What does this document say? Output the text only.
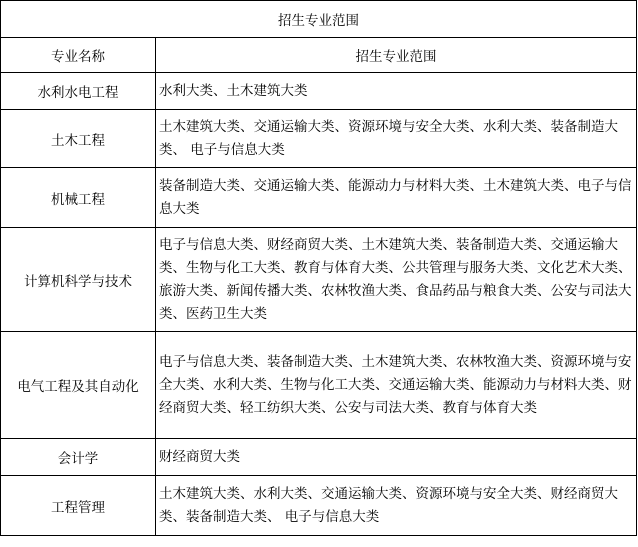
招生专业范围	
专业名称	招生专业范围
水利水电工程	水利大类、土木建筑大类
土木工程	土木建筑大类、交通运输大类、资源环境与安全大类、水利大类、装备制造大类、 电子与信息大类
机械工程	装备制造大类、交通运输大类、能源动力与材料大类、土木建筑大类、电子与信息大类
计算机科学与技术	电子与信息大类、财经商贸大类、土木建筑大类、装备制造大类、交通运输大类、生物与化工大类、教育与体育大类、公共管理与服务大类、文化艺术大类、旅游大类、新闻传播大类、农林牧渔大类、食品药品与粮食大类、公安与司法大类、医药卫生大类
电气工程及其自动化	电子与信息大类、装备制造大类、土木建筑大类、农林牧渔大类、资源环境与安全大类、水利大类、生物与化工大类、交通运输大类、能源动力与材料大类、财经商贸大类、轻工纺织大类、公安与司法大类、教育与体育大类
会计学	财经商贸大类
工程管理	土木建筑大类、水利大类、交通运输大类、资源环境与安全大类、财经商贸大类、装备制造大类、 电子与信息大类
